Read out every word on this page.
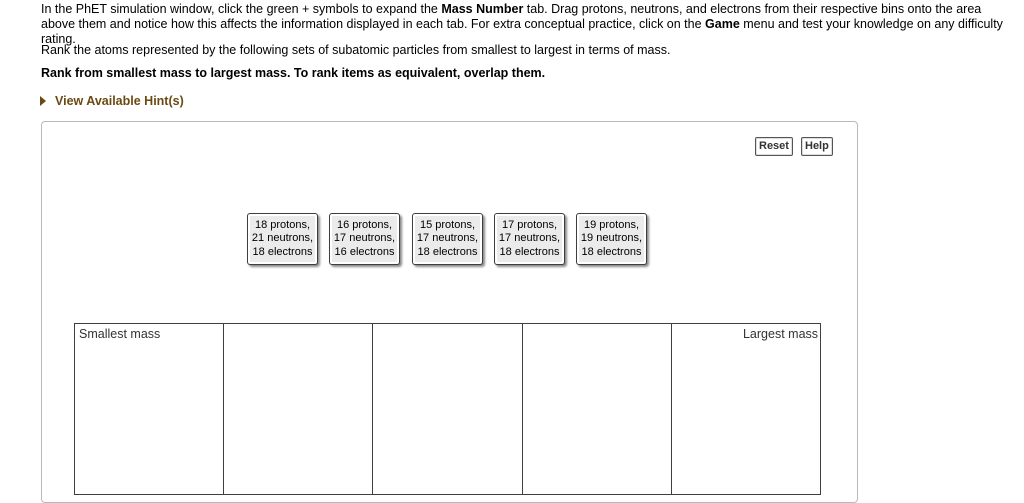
In the PhET simulation window, click the green + symbols to expand the Mass Number tab. Drag protons, neutrons, and electrons from their respective bins onto the area above them and notice how this affects the information displayed in each tab. For extra conceptual practice, click on the Game menu and test your knowledge on any difficulty rating.
Rank the atoms represented by the following sets of subatomic particles from smallest to largest in terms of mass.
Rank from smallest mass to largest mass. To rank items as equivalent, overlap them.
View Available Hint(s)
Reset	Help
18 protons,
21 neutrons,
18 electrons
16 protons,
17 neutrons,
16 electrons
15 protons,
17 neutrons,
18 electrons
17 protons,
17 neutrons,
18 electrons
19 protons,
19 neutrons,
18 electrons
Smallest mass	Largest mass
